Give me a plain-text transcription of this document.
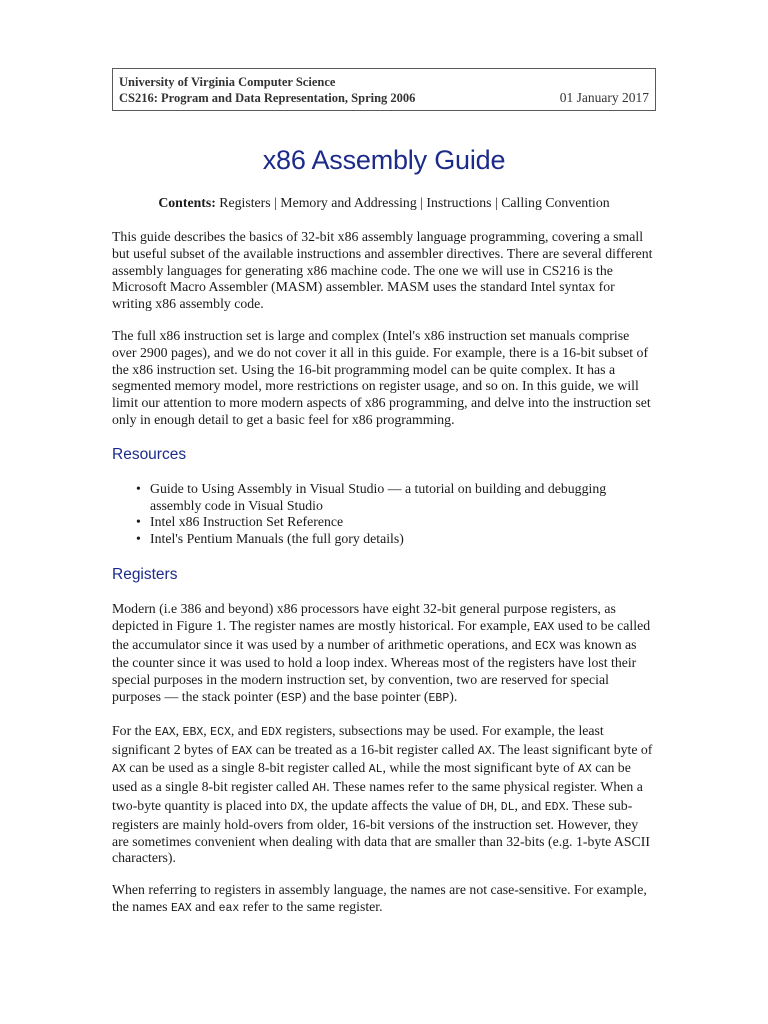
University of Virginia Computer Science
CS216: Program and Data Representation, Spring 2006	01 January 2017
x86 Assembly Guide
Contents: Registers | Memory and Addressing | Instructions | Calling Convention

This guide describes the basics of 32-bit x86 assembly language programming, covering a small but useful subset of the available instructions and assembler directives. There are several different assembly languages for generating x86 machine code. The one we will use in CS216 is the Microsoft Macro Assembler (MASM) assembler. MASM uses the standard Intel syntax for writing x86 assembly code.

The full x86 instruction set is large and complex (Intel's x86 instruction set manuals comprise over 2900 pages), and we do not cover it all in this guide. For example, there is a 16-bit subset of the x86 instruction set. Using the 16-bit programming model can be quite complex. It has a segmented memory model, more restrictions on register usage, and so on. In this guide, we will limit our attention to more modern aspects of x86 programming, and delve into the instruction set only in enough detail to get a basic feel for x86 programming.

Resources
• Guide to Using Assembly in Visual Studio — a tutorial on building and debugging assembly code in Visual Studio
• Intel x86 Instruction Set Reference
• Intel's Pentium Manuals (the full gory details)
Registers

Modern (i.e 386 and beyond) x86 processors have eight 32-bit general purpose registers, as depicted in Figure 1. The register names are mostly historical. For example, EAX used to be called the accumulator since it was used by a number of arithmetic operations, and ECX was known as the counter since it was used to hold a loop index. Whereas most of the registers have lost their special purposes in the modern instruction set, by convention, two are reserved for special purposes — the stack pointer (ESP) and the base pointer (EBP).

For the EAX, EBX, ECX, and EDX registers, subsections may be used. For example, the least significant 2 bytes of EAX can be treated as a 16-bit register called AX. The least significant byte of AX can be used as a single 8-bit register called AL, while the most significant byte of AX can be used as a single 8-bit register called AH. These names refer to the same physical register. When a two-byte quantity is placed into DX, the update affects the value of DH, DL, and EDX. These sub-registers are mainly hold-overs from older, 16-bit versions of the instruction set. However, they are sometimes convenient when dealing with data that are smaller than 32-bits (e.g. 1-byte ASCII characters).

When referring to registers in assembly language, the names are not case-sensitive. For example, the names EAX and eax refer to the same register.
